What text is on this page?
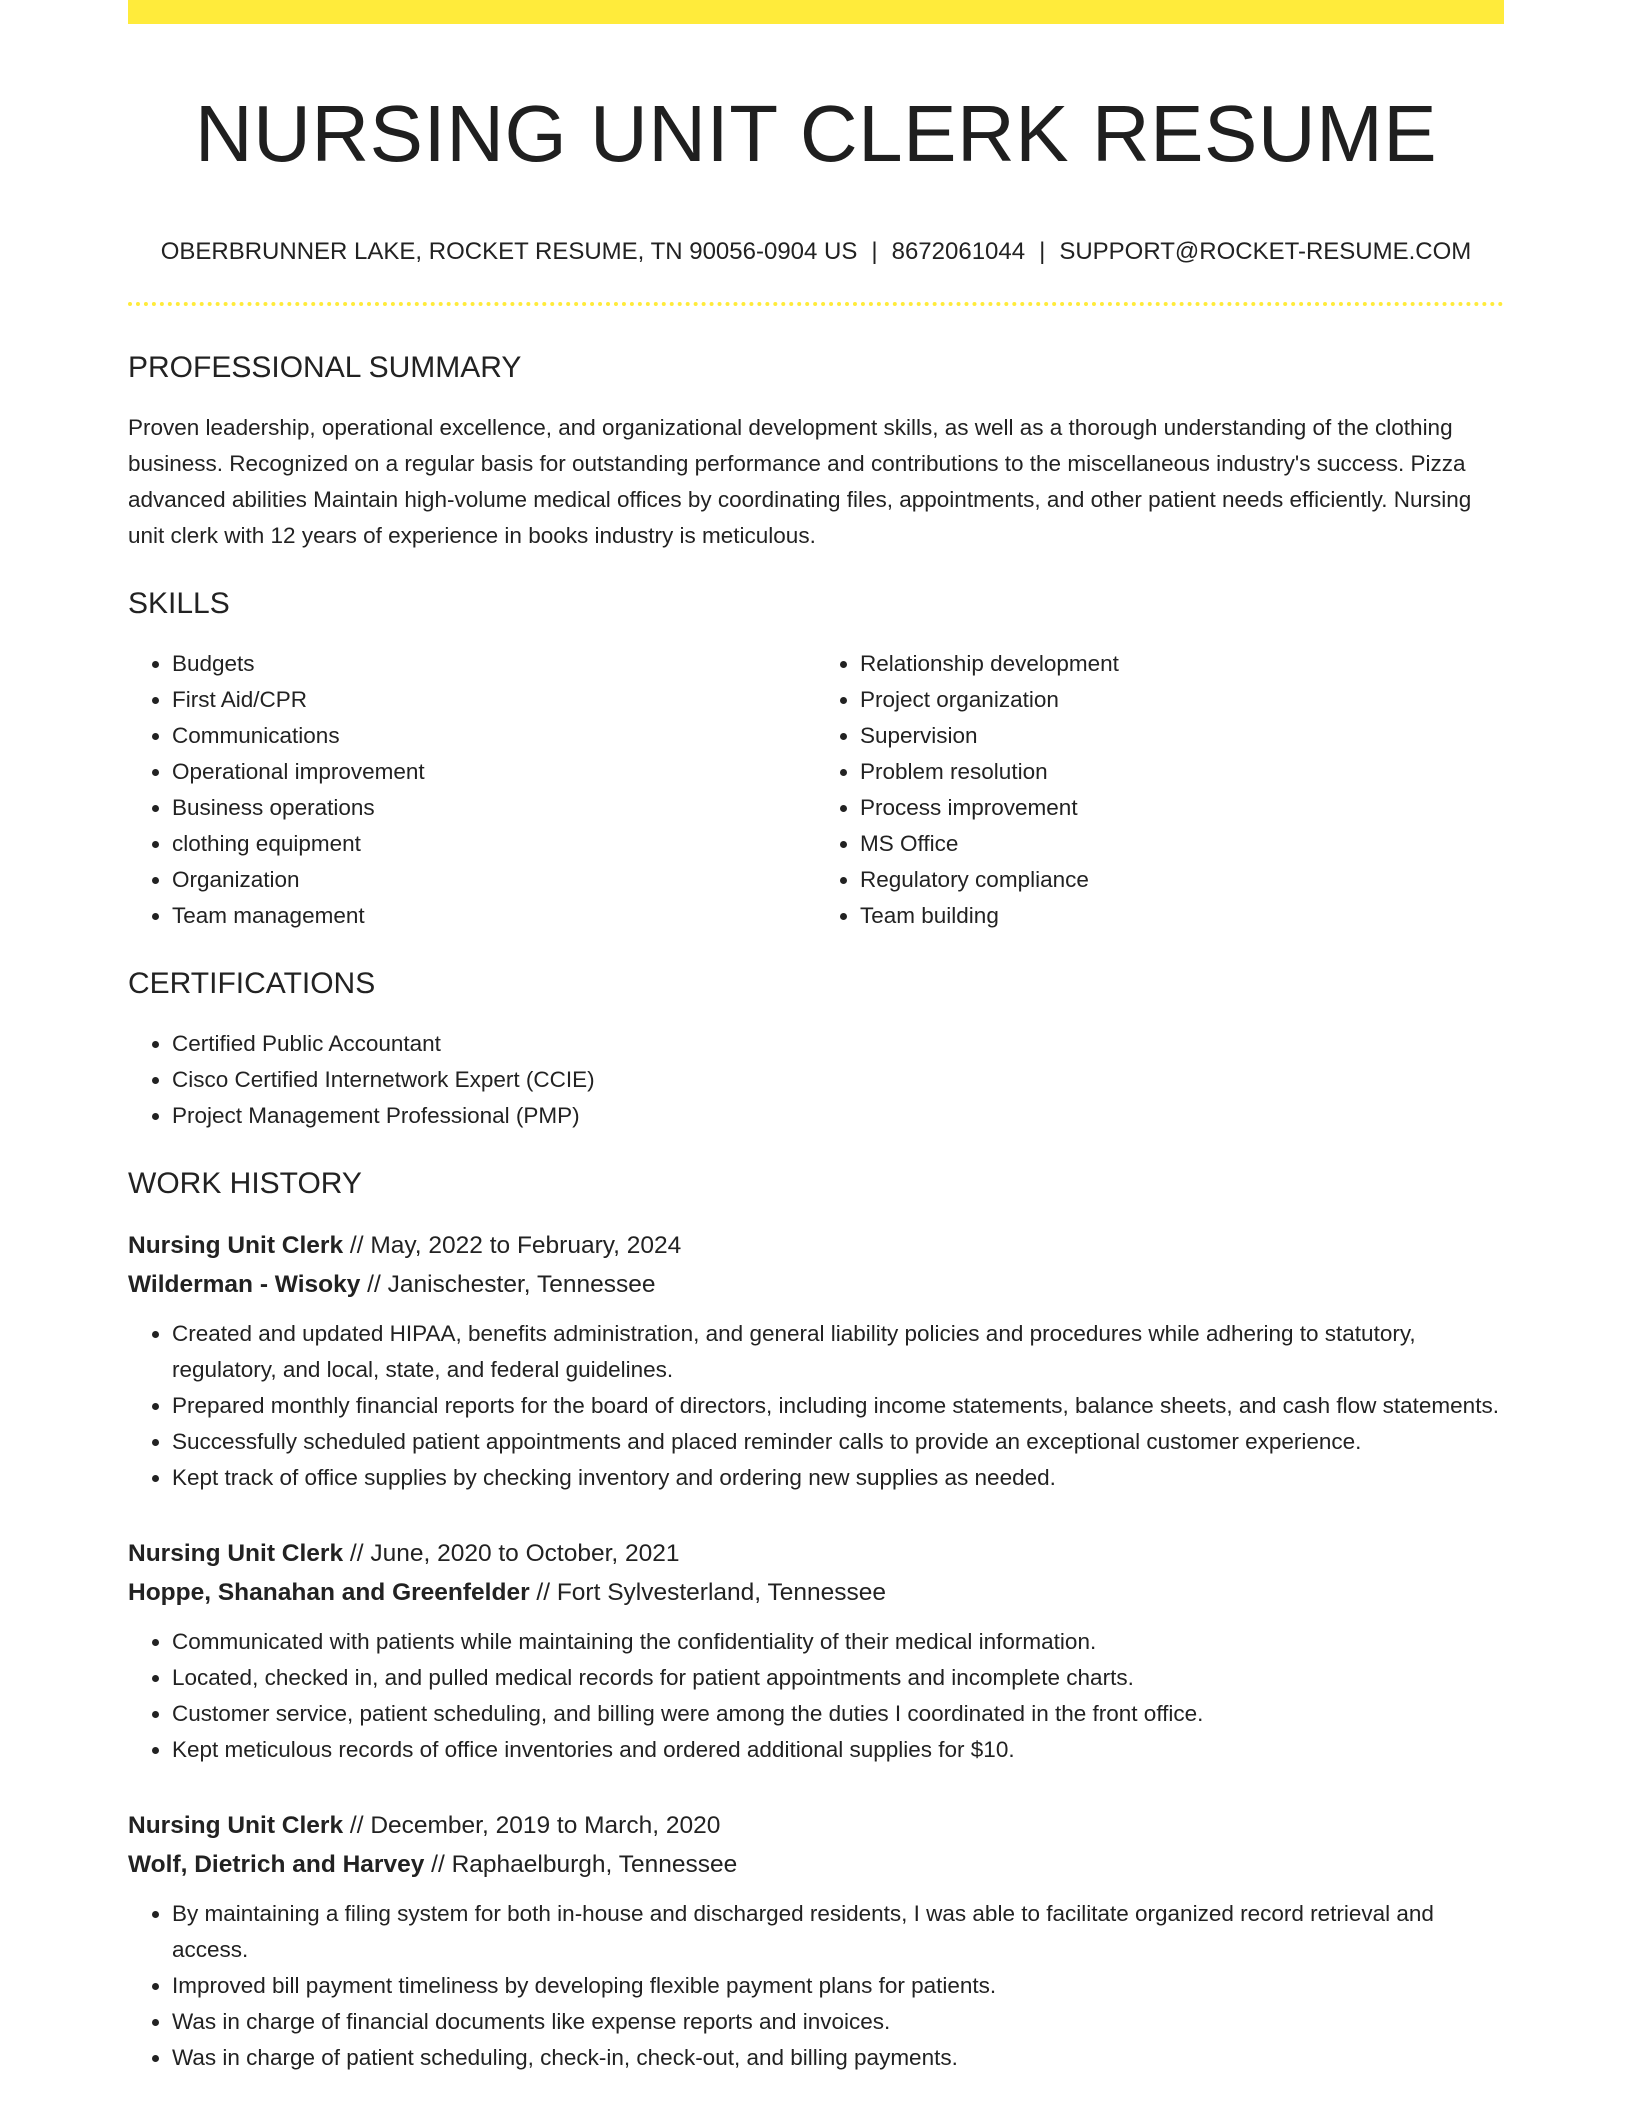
NURSING UNIT CLERK RESUME
OBERBRUNNER LAKE, ROCKET RESUME, TN 90056-0904 US | 8672061044 | SUPPORT@ROCKET-RESUME.COM
PROFESSIONAL SUMMARY

Proven leadership, operational excellence, and organizational development skills, as well as a thorough understanding of the clothing business. Recognized on a regular basis for outstanding performance and contributions to the miscellaneous industry's success. Pizza advanced abilities Maintain high-volume medical offices by coordinating files, appointments, and other patient needs efficiently. Nursing unit clerk with 12 years of experience in books industry is meticulous.

SKILLS
• Budgets
• First Aid/CPR
• Communications
• Operational improvement
• Business operations
• clothing equipment
• Organization
• Team management
• Relationship development
• Project organization
• Supervision
• Problem resolution
• Process improvement
• MS Office
• Regulatory compliance
• Team building
CERTIFICATIONS
• Certified Public Accountant
• Cisco Certified Internetwork Expert (CCIE)
• Project Management Professional (PMP)
WORK HISTORY
Nursing Unit Clerk // May, 2022 to February, 2024
Wilderman - Wisoky // Janischester, Tennessee
• Created and updated HIPAA, benefits administration, and general liability policies and procedures while adhering to statutory, regulatory, and local, state, and federal guidelines.
• Prepared monthly financial reports for the board of directors, including income statements, balance sheets, and cash flow statements.
• Successfully scheduled patient appointments and placed reminder calls to provide an exceptional customer experience.
• Kept track of office supplies by checking inventory and ordering new supplies as needed.
Nursing Unit Clerk // June, 2020 to October, 2021
Hoppe, Shanahan and Greenfelder // Fort Sylvesterland, Tennessee
• Communicated with patients while maintaining the confidentiality of their medical information.
• Located, checked in, and pulled medical records for patient appointments and incomplete charts.
• Customer service, patient scheduling, and billing were among the duties I coordinated in the front office.
• Kept meticulous records of office inventories and ordered additional supplies for $10.
Nursing Unit Clerk // December, 2019 to March, 2020
Wolf, Dietrich and Harvey // Raphaelburgh, Tennessee
• By maintaining a filing system for both in-house and discharged residents, I was able to facilitate organized record retrieval and access.
• Improved bill payment timeliness by developing flexible payment plans for patients.
• Was in charge of financial documents like expense reports and invoices.
• Was in charge of patient scheduling, check-in, check-out, and billing payments.
